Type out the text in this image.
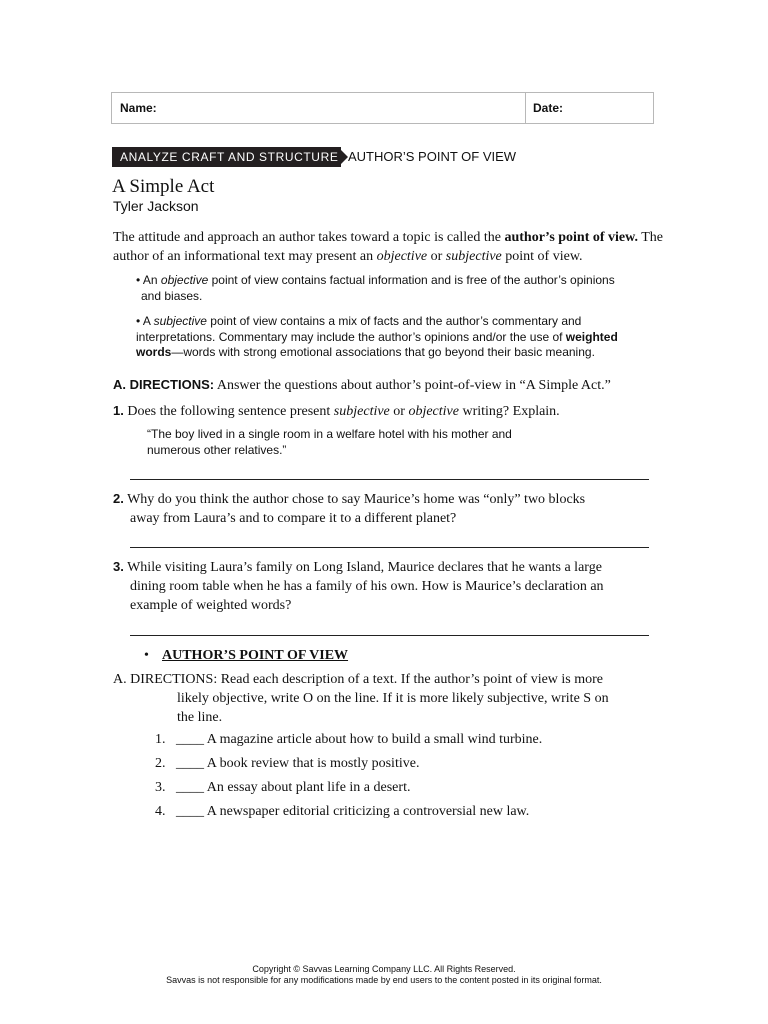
Name:	Date:
ANALYZE CRAFT AND STRUCTURE AUTHOR’S POINT OF VIEW
A Simple Act
Tyler Jackson
The attitude and approach an author takes toward a topic is called the author’s point of view. The
author of an informational text may present an objective or subjective point of view.
• An objective point of view contains factual information and is free of the author’s opinions
and biases.
• A subjective point of view contains a mix of facts and the author’s commentary and
interpretations. Commentary may include the author’s opinions and/or the use of weighted
words—words with strong emotional associations that go beyond their basic meaning.
A. DIRECTIONS: Answer the questions about author’s point-of-view in “A Simple Act.”
1. Does the following sentence present subjective or objective writing? Explain.
“The boy lived in a single room in a welfare hotel with his mother and
numerous other relatives.”
2. Why do you think the author chose to say Maurice’s home was “only” two blocks
away from Laura’s and to compare it to a different planet?
3. While visiting Laura’s family on Long Island, Maurice declares that he wants a large
dining room table when he has a family of his own. How is Maurice’s declaration an
example of weighted words?
• AUTHOR’S POINT OF VIEW
A. DIRECTIONS: Read each description of a text. If the author’s point of view is more
likely objective, write O on the line. If it is more likely subjective, write S on
the line.
1. ____ A magazine article about how to build a small wind turbine.
2. ____ A book review that is mostly positive.
3. ____ An essay about plant life in a desert.
4. ____ A newspaper editorial criticizing a controversial new law.
Copyright © Savvas Learning Company LLC. All Rights Reserved.
Savvas is not responsible for any modifications made by end users to the content posted in its original format.
